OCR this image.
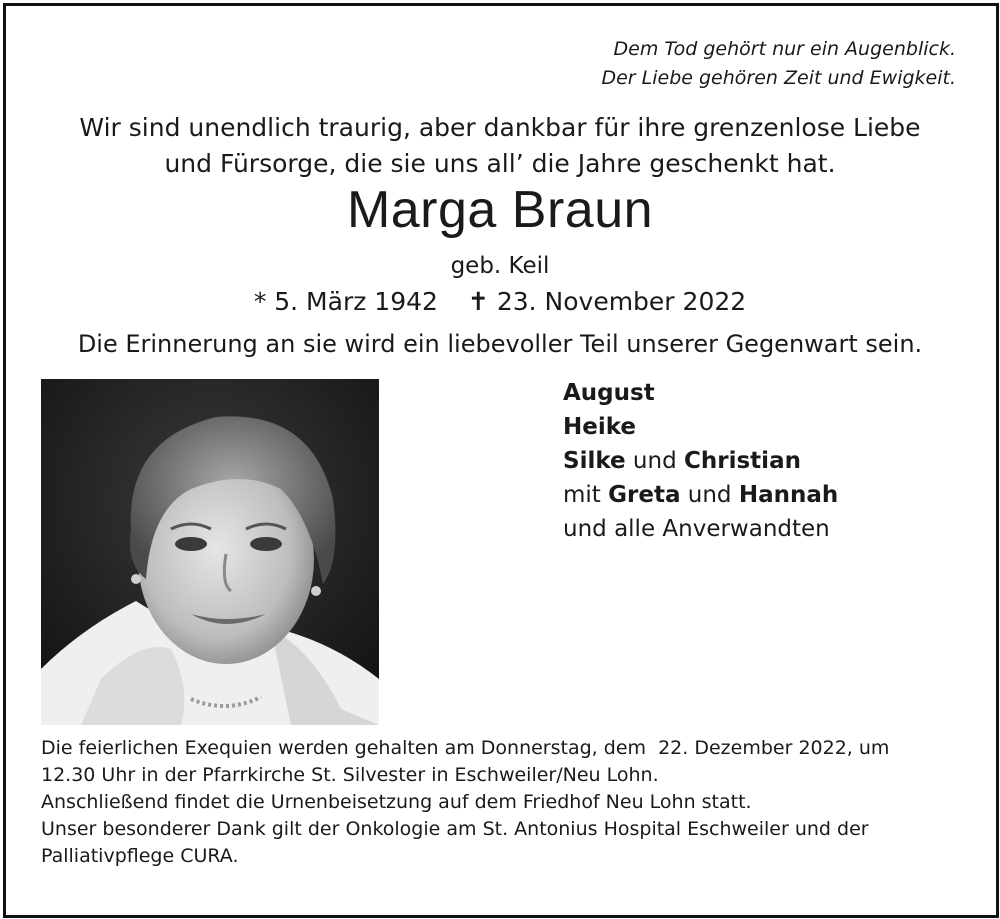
Dem Tod gehört nur ein Augenblick.
Der Liebe gehören Zeit und Ewigkeit.
Wir sind unendlich traurig, aber dankbar für ihre grenzenlose Liebe
und Fürsorge, die sie uns all’ die Jahre geschenkt hat.
Marga Braun
geb. Keil
* 5. März 1942 ✝ 23. November 2022
Die Erinnerung an sie wird ein liebevoller Teil unserer Gegenwart sein.
August
Heike
Silke und Christian
mit Greta und Hannah
und alle Anverwandten
Die feierlichen Exequien werden gehalten am Donnerstag, dem  22. Dezember 2022, um
12.30 Uhr in der Pfarrkirche St. Silvester in Eschweiler/Neu Lohn.
Anschließend findet die Urnenbeisetzung auf dem Friedhof Neu Lohn statt.
Unser besonderer Dank gilt der Onkologie am St. Antonius Hospital Eschweiler und der
Palliativpflege CURA.
